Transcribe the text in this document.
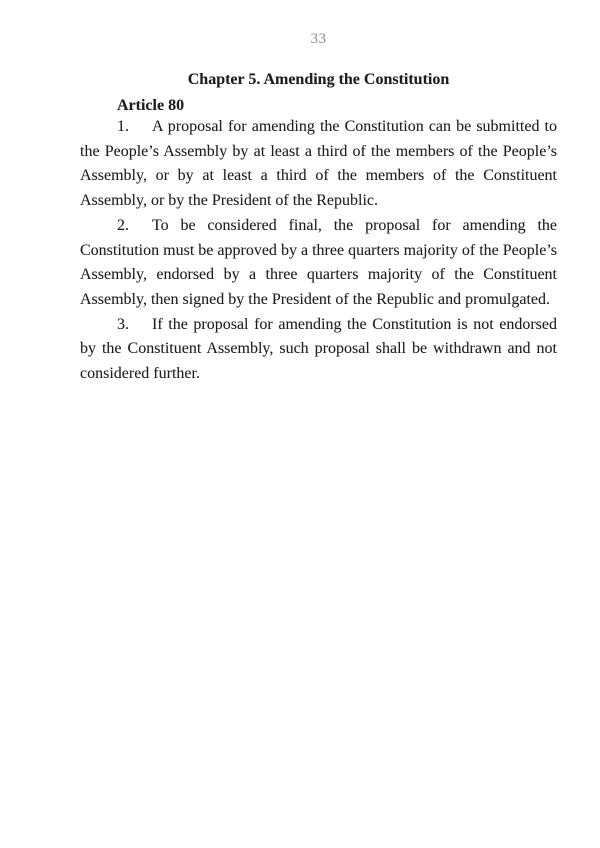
33
Chapter 5. Amending the Constitution
Article 80

1. A proposal for amending the Constitution can be submitted to the People’s Assembly by at least a third of the members of the People’s Assembly, or by at least a third of the members of the Constituent Assembly, or by the President of the Republic.

2. To be considered final, the proposal for amending the Constitution must be approved by a three quarters majority of the People’s Assembly, endorsed by a three quarters majority of the Constituent Assembly, then signed by the President of the Republic and promulgated.

3. If the proposal for amending the Constitution is not endorsed by the Constituent Assembly, such proposal shall be withdrawn and not considered further.
